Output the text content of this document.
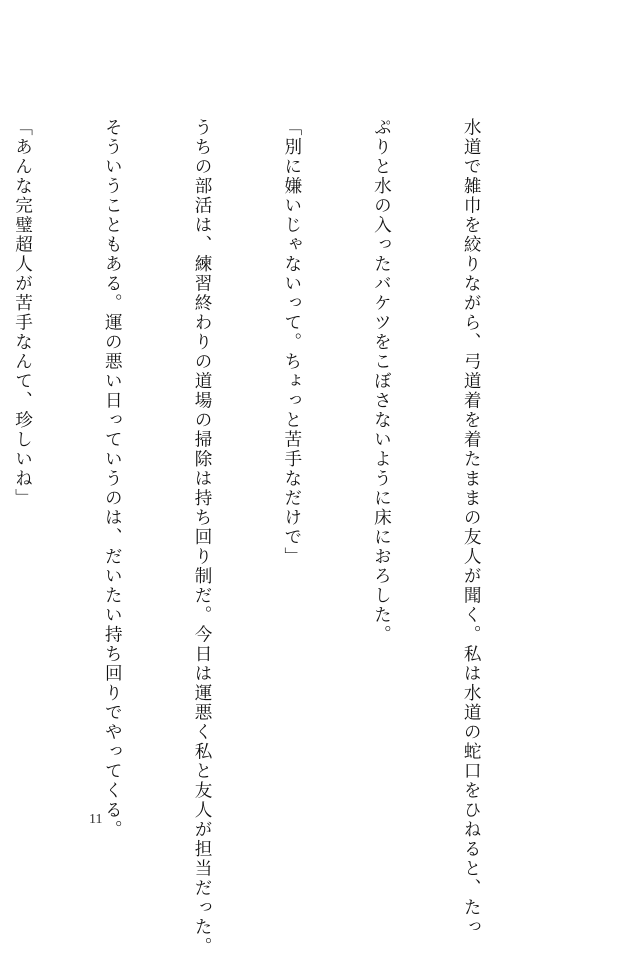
水道で雑巾を絞りながら、弓道着を着たままの友人が聞く。私は水道の蛇口をひねると、たっ

ぷりと水の入ったバケツをこぼさないように床におろした。

「別に嫌いじゃないって。ちょっと苦手なだけで」

うちの部活は、練習終わりの道場の掃除は持ち回り制だ。今日は運悪く私と友人が担当だった。

そういうこともある。運の悪い日っていうのは、だいたい持ち回りでやってくる。

「あんな完璧超人が苦手なんて、珍しいね」

11
